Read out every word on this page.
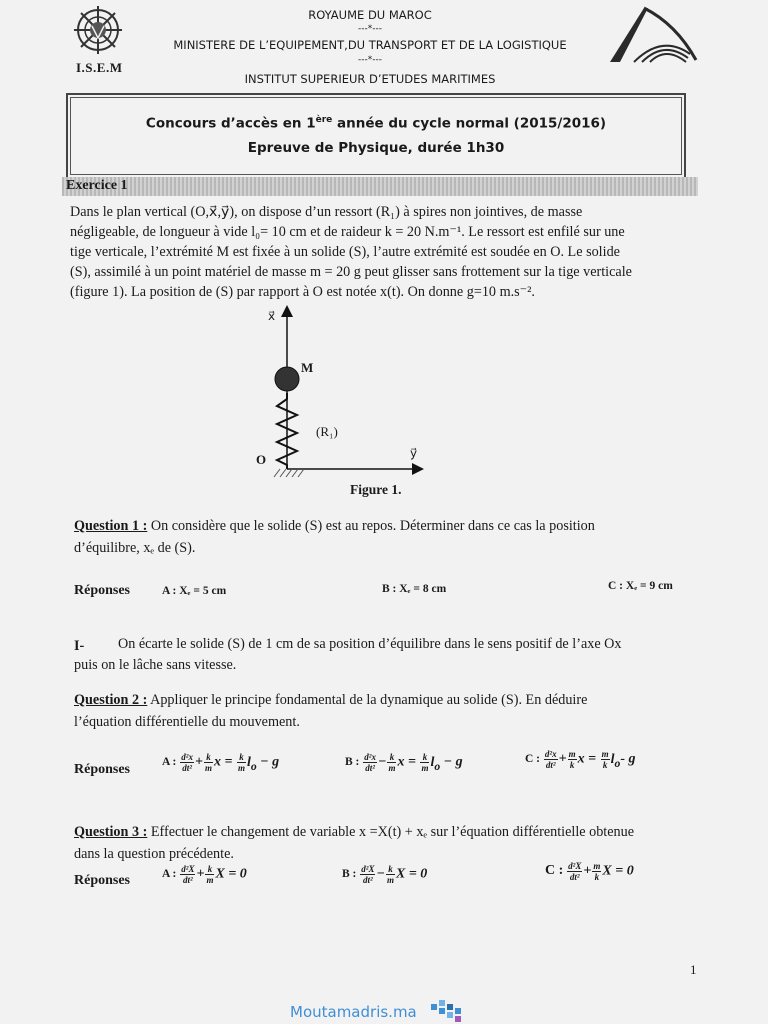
I.S.E.M
ROYAUME DU MAROC
---*---
MINISTERE DE L’EQUIPEMENT,DU TRANSPORT ET DE LA LOGISTIQUE
---*---
INSTITUT SUPERIEUR D’ETUDES MARITIMES
Concours d’accès en 1ère année du cycle normal (2015/2016)
Epreuve de Physique, durée 1h30
Exercice 1
Dans le plan vertical (O,x⃗,y⃗), on dispose d’un ressort (R₁) à spires non jointives, de masse
négligeable, de longueur à vide l₀= 10 cm et de raideur k = 20 N.m⁻¹. Le ressort est enfilé sur une
tige verticale, l’extrémité M est fixée à un solide (S), l’autre extrémité est soudée en O. Le solide
(S), assimilé à un point matériel de masse m = 20 g peut glisser sans frottement sur la tige verticale
(figure 1). La position de (S) par rapport à O est notée x(t). On donne g=10 m.s⁻².
x⃗
y⃗
M
O
(R₁)
Figure 1.
Question 1 : On considère que le solide (S) est au repos. Déterminer dans ce cas la position
d’équilibre, xₑ de (S).
Réponses	A : Xₑ = 5 cm	B : Xₑ = 8 cm	C : Xₑ = 9 cm
I- On écarte le solide (S) de 1 cm de sa position d’équilibre dans le sens positif de l’axe Ox
puis on le lâche sans vitesse.
Question 2 : Appliquer le principe fondamental de la dynamique au solide (S). En déduire
l’équation différentielle du mouvement.
Réponses	A : $\frac{\text{d²x}}{\text{dt²}} + \frac{k}{m}$ $x = \frac{k}{m} l_o - g$	B : $\frac{\text{d²x}}{\text{dt²}} - \frac{k}{m}$ $x = \frac{k}{m} l_o - g$	C : $\frac{\text{d²x}}{\text{dt²}} + \frac{m}{k}$ $x = \frac{m}{k} l_o-$ g
Question 3 : Effectuer le changement de variable x =X(t) + xₑ sur l’équation différentielle obtenue
dans la question précédente.
Réponses	A : $\frac{\text{d²X}}{\text{dt²}} + \frac{k}{m}$ X = 0	B : $\frac{\text{d²X}}{\text{dt²}} - \frac{k}{m}$ X = 0	C : $\frac{\text{d²X}}{\text{dt²}} + \frac{m}{k}$ X = 0
1
Moutamadris.ma
